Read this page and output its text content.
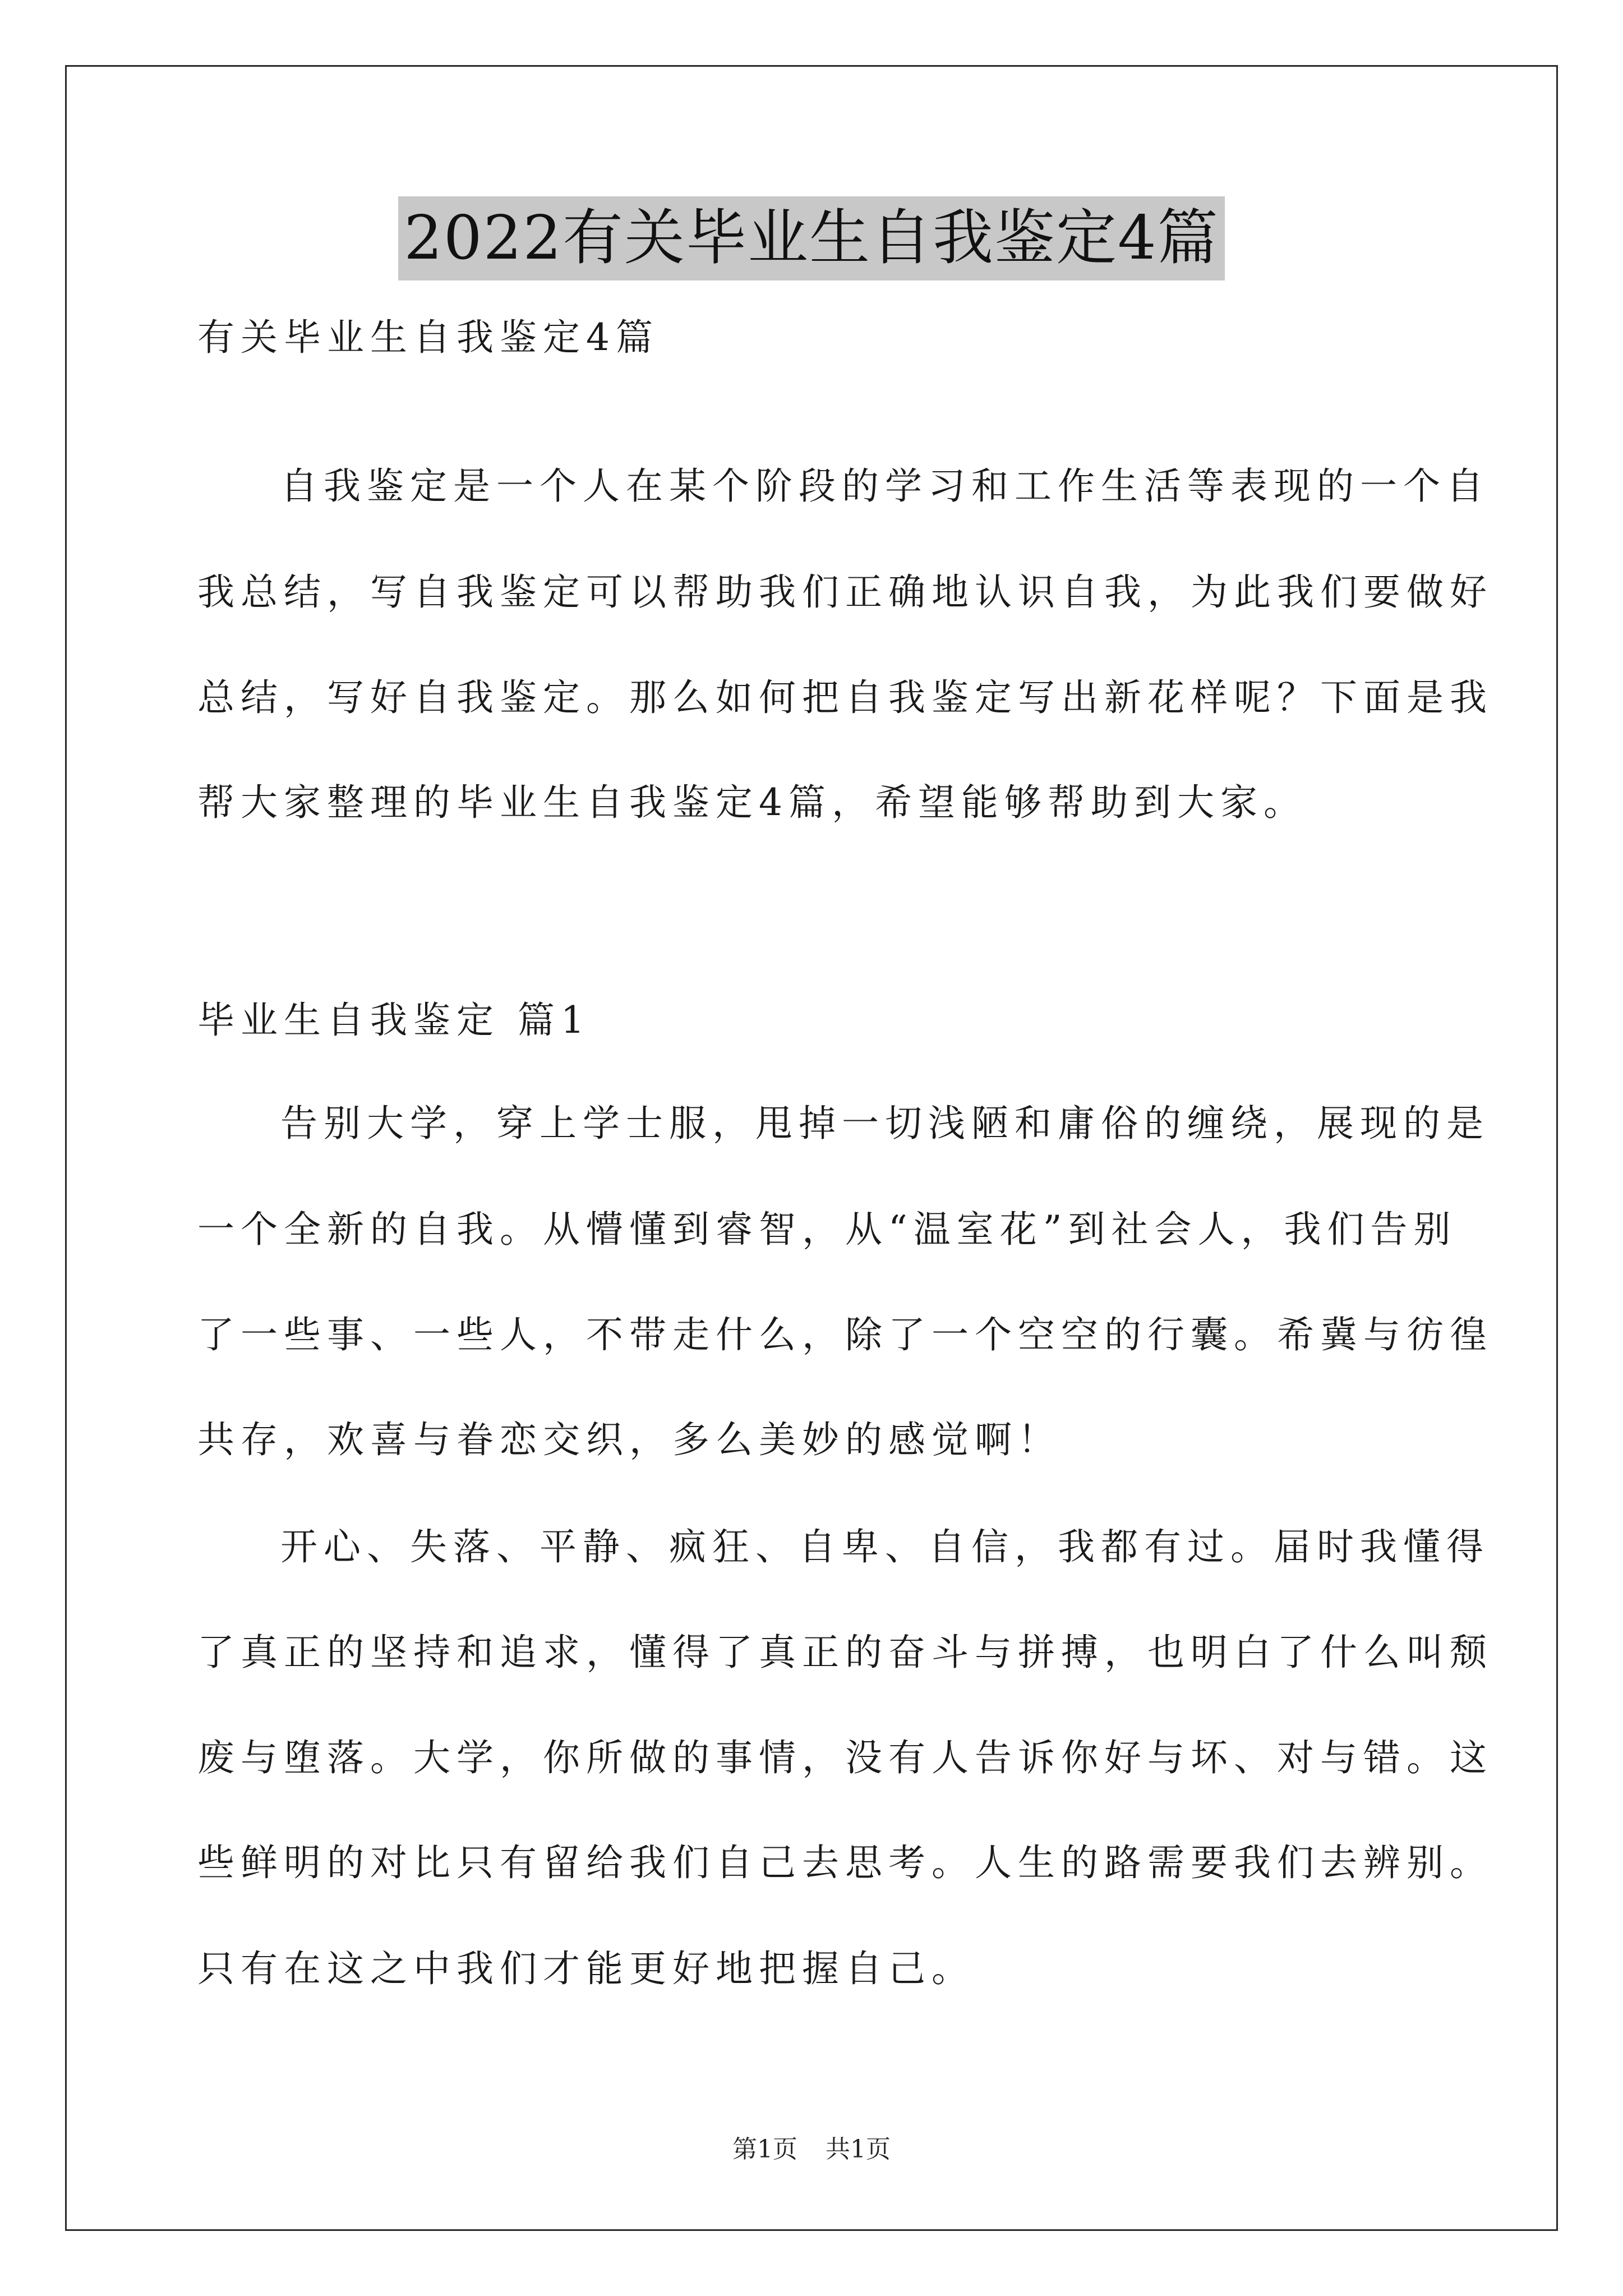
2022有关毕业生自我鉴定4篇
有关毕业生自我鉴定4篇
自我鉴定是一个人在某个阶段的学习和工作生活等表现的一个自
我总结，写自我鉴定可以帮助我们正确地认识自我，为此我们要做好
总结，写好自我鉴定。那么如何把自我鉴定写出新花样呢？下面是我
帮大家整理的毕业生自我鉴定4篇，希望能够帮助到大家。
毕业生自我鉴定 篇1
告别大学，穿上学士服，甩掉一切浅陋和庸俗的缠绕，展现的是
一个全新的自我。从懵懂到睿智，从“温室花”到社会人，我们告别
了一些事、一些人，不带走什么，除了一个空空的行囊。希冀与彷徨
共存，欢喜与眷恋交织，多么美妙的感觉啊！
开心、失落、平静、疯狂、自卑、自信，我都有过。届时我懂得
了真正的坚持和追求，懂得了真正的奋斗与拼搏，也明白了什么叫颓
废与堕落。大学，你所做的事情，没有人告诉你好与坏、对与错。这
些鲜明的对比只有留给我们自己去思考。人生的路需要我们去辨别。
只有在这之中我们才能更好地把握自己。
第1页 共1页
